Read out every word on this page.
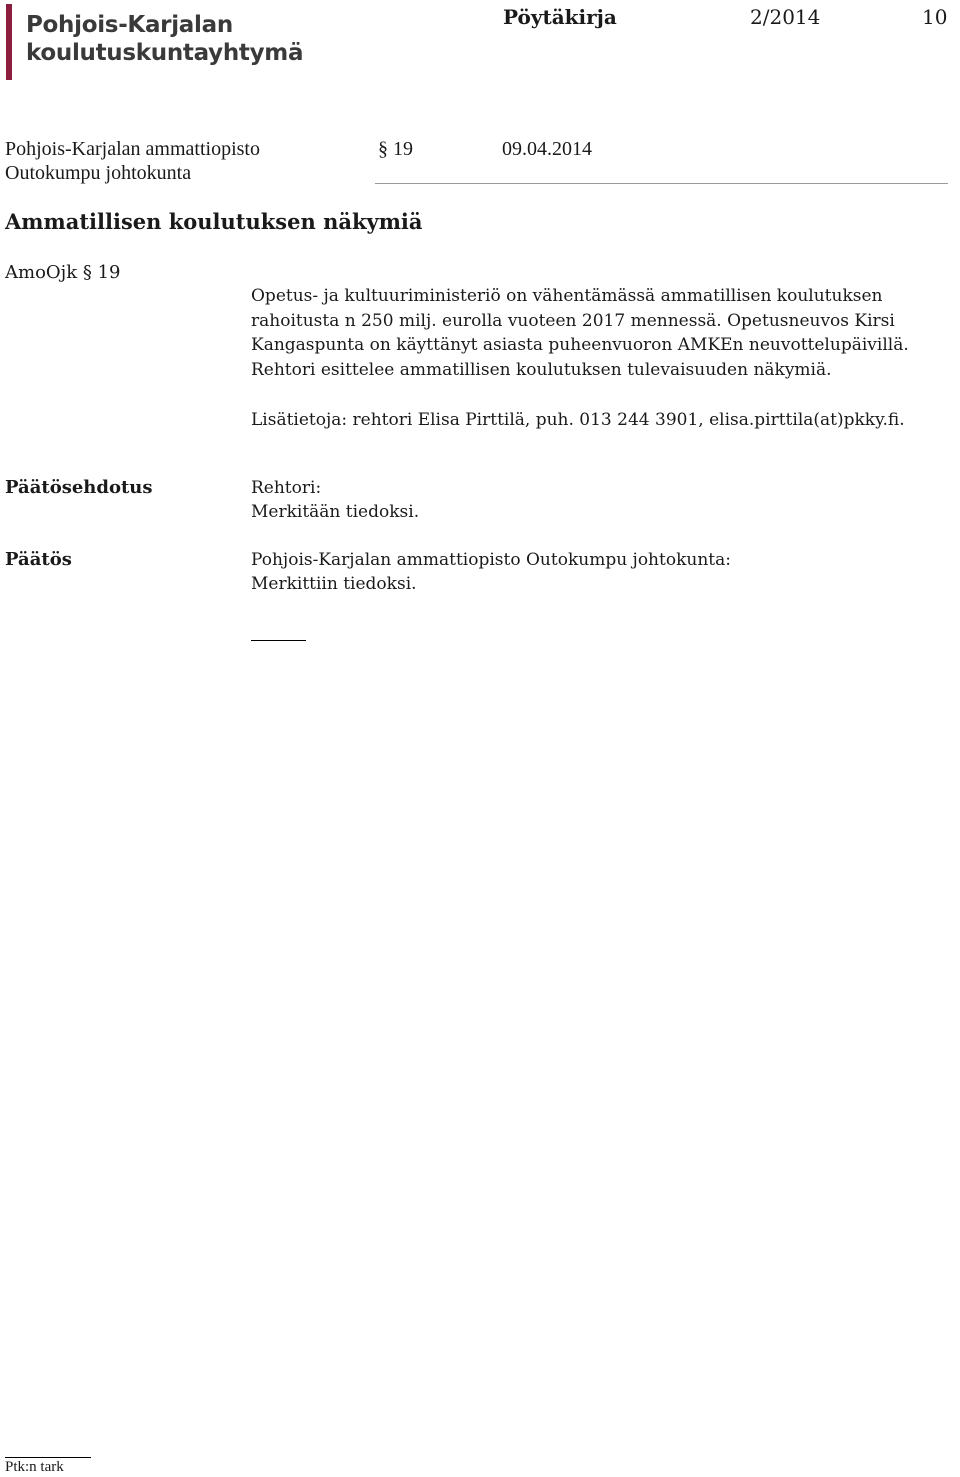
Pohjois-Karjalan
koulutuskuntayhtymä
Pöytäkirja	2/2014	10
Pohjois-Karjalan ammattiopisto
Outokumpu johtokunta
§ 19	09.04.2014
Ammatillisen koulutuksen näkymiä
AmoOjk § 19
Opetus- ja kultuuriministeriö on vähentämässä ammatillisen koulutuksen
rahoitusta n 250 milj. eurolla vuoteen 2017 mennessä. Opetusneuvos Kirsi
Kangaspunta on käyttänyt asiasta puheenvuoron AMKEn neuvottelupäivillä.
Rehtori esittelee ammatillisen koulutuksen tulevaisuuden näkymiä.
Lisätietoja: rehtori Elisa Pirttilä, puh. 013 244 3901, elisa.pirttila(at)pkky.fi.
Päätösehdotus	Rehtori:
Merkitään tiedoksi.
Päätös	Pohjois-Karjalan ammattiopisto Outokumpu johtokunta:
Merkittiin tiedoksi.
Ptk:n tark
